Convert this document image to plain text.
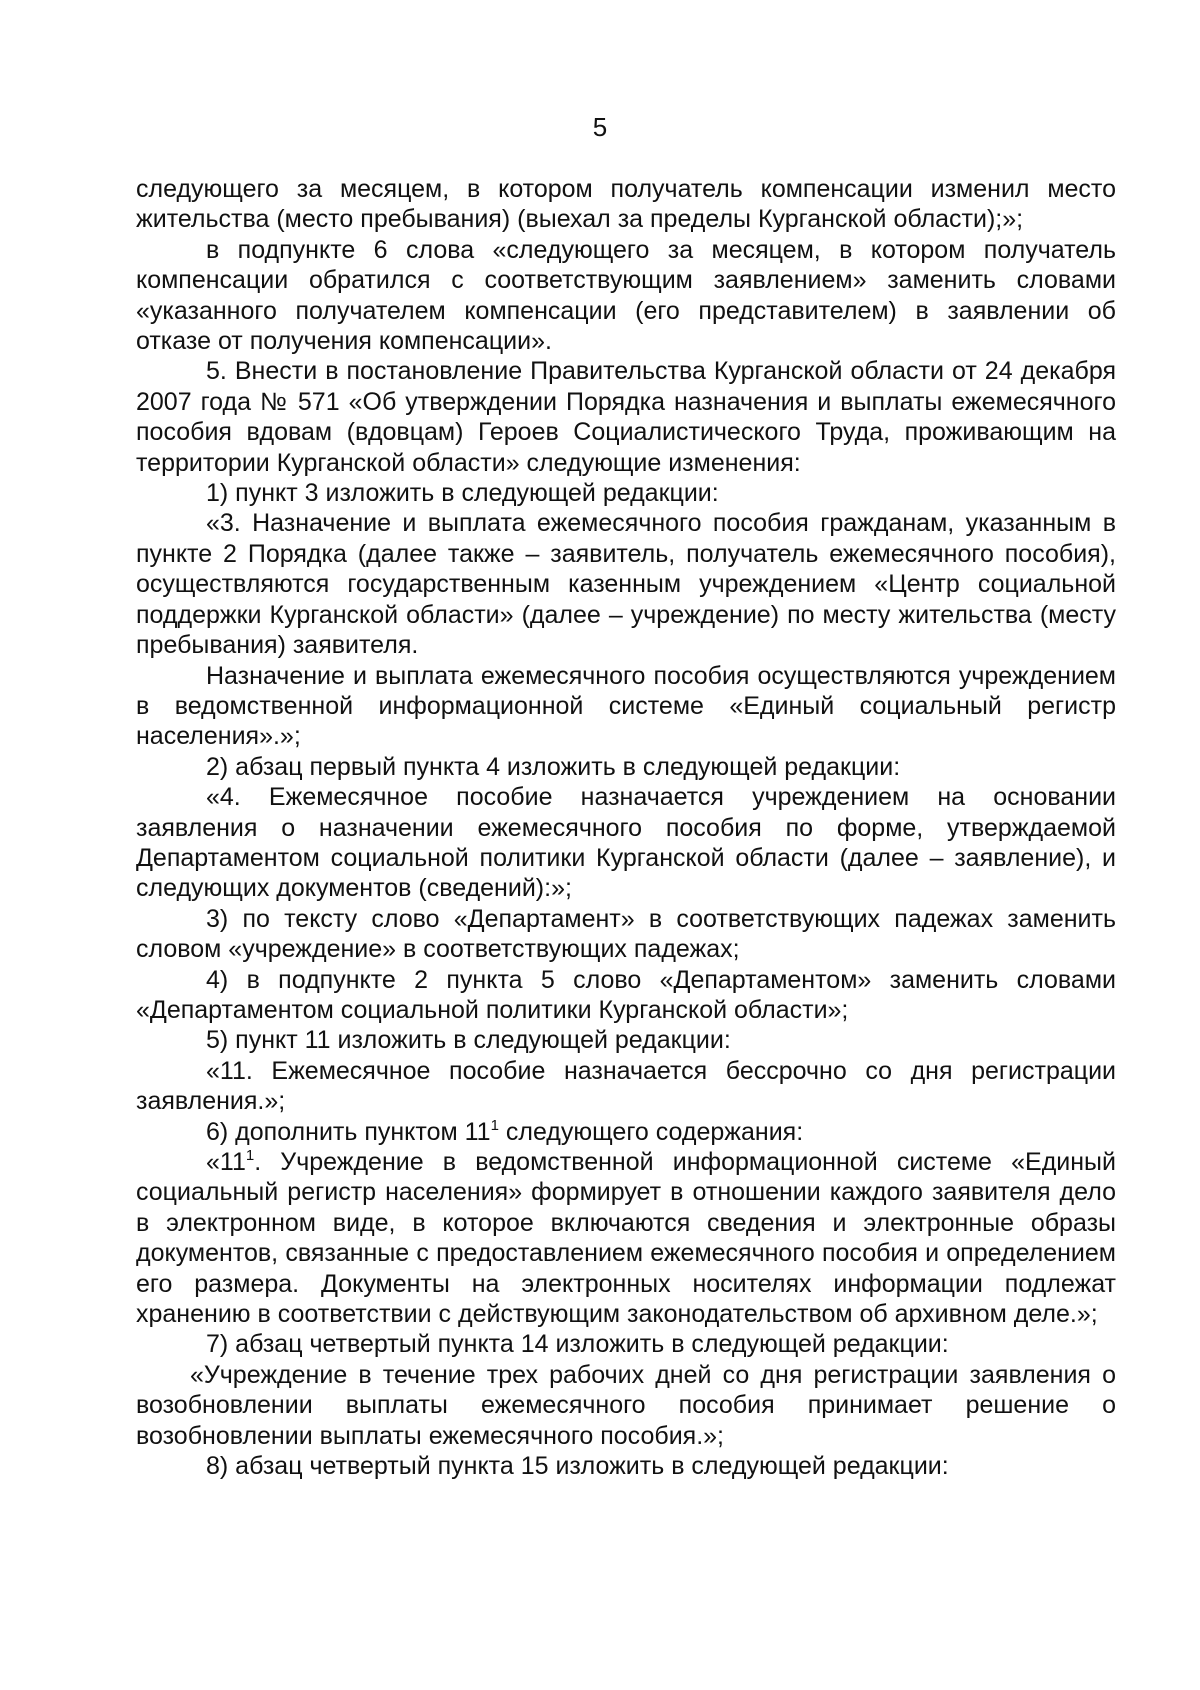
5

следующего за месяцем, в котором получатель компенсации изменил место жительства (место пребывания) (выехал за пределы Курганской области);»;

в подпункте 6 слова «следующего за месяцем, в котором получатель компенсации обратился с соответствующим заявлением» заменить словами «указанного получателем компенсации (его представителем) в заявлении об отказе от получения компенсации».

5. Внести в постановление Правительства Курганской области от 24 декабря 2007 года № 571 «Об утверждении Порядка назначения и выплаты ежемесячного пособия вдовам (вдовцам) Героев Социалистического Труда, проживающим на территории Курганской области» следующие изменения:

1) пункт 3 изложить в следующей редакции:

«3. Назначение и выплата ежемесячного пособия гражданам, указанным в пункте 2 Порядка (далее также – заявитель, получатель ежемесячного пособия), осуществляются государственным казенным учреждением «Центр социальной поддержки Курганской области» (далее – учреждение) по месту жительства (месту пребывания) заявителя.

Назначение и выплата ежемесячного пособия осуществляются учреждением в ведомственной информационной системе «Единый социальный регистр населения».»;

2) абзац первый пункта 4 изложить в следующей редакции:

«4. Ежемесячное пособие назначается учреждением на основании заявления о назначении ежемесячного пособия по форме, утверждаемой Департаментом социальной политики Курганской области (далее – заявление), и следующих документов (сведений):»;

3) по тексту слово «Департамент» в соответствующих падежах заменить словом «учреждение» в соответствующих падежах;

4) в подпункте 2 пункта 5 слово «Департаментом» заменить словами «Департаментом социальной политики Курганской области»;

5) пункт 11 изложить в следующей редакции:

«11. Ежемесячное пособие назначается бессрочно со дня регистрации заявления.»;

6) дополнить пунктом $11^1$ следующего содержания:

«$11^1$. Учреждение в ведомственной информационной системе «Единый социальный регистр населения» формирует в отношении каждого заявителя дело в электронном виде, в которое включаются сведения и электронные образы документов, связанные с предоставлением ежемесячного пособия и определением его размера. Документы на электронных носителях информации подлежат хранению в соответствии с действующим законодательством об архивном деле.»;

7) абзац четвертый пункта 14 изложить в следующей редакции:

«Учреждение в течение трех рабочих дней со дня регистрации заявления о возобновлении выплаты ежемесячного пособия принимает решение о возобновлении выплаты ежемесячного пособия.»;

8) абзац четвертый пункта 15 изложить в следующей редакции:
